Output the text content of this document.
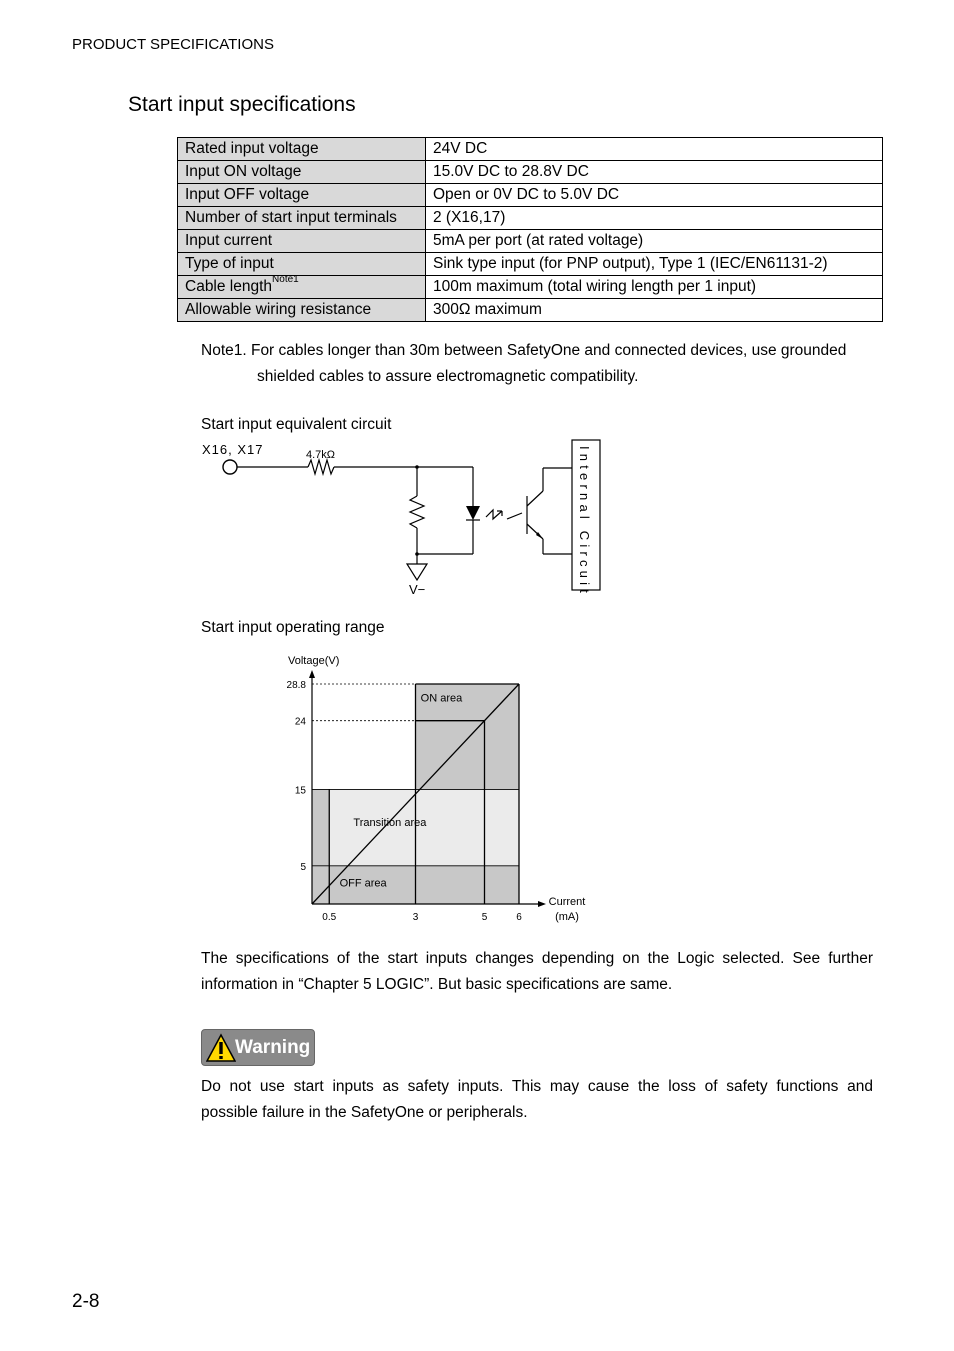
PRODUCT SPECIFICATIONS
Start input specifications
Rated input voltage	24V DC
Input ON voltage	15.0V DC to 28.8V DC
Input OFF voltage	Open or 0V DC to 5.0V DC
Number of start input terminals	2 (X16,17)
Input current	5mA per port (at rated voltage)
Type of input	Sink type input (for PNP output), Type 1 (IEC/EN61131-2)
Cable length$^{Note1}$	100m maximum (total wiring length per 1 input)
Allowable wiring resistance	300Ω maximum
Note1. For cables longer than 30m between SafetyOne and connected devices, use grounded
shielded cables to assure electromagnetic compatibility.
Start input equivalent circuit
X16, X17	4.7kΩ
V−	Internal Circuit
Start input operating range
5
15
24
28.8
0.5	3	5	6
Voltage(V)
Current
(mA)
ON area
Transition area
OFF area
The specifications of the start inputs changes depending on the Logic selected. See further
information in “Chapter 5 LOGIC”. But basic specifications are same.
Warning
Do not use start inputs as safety inputs. This may cause the loss of safety functions and
possible failure in the SafetyOne or peripherals.
2-8
